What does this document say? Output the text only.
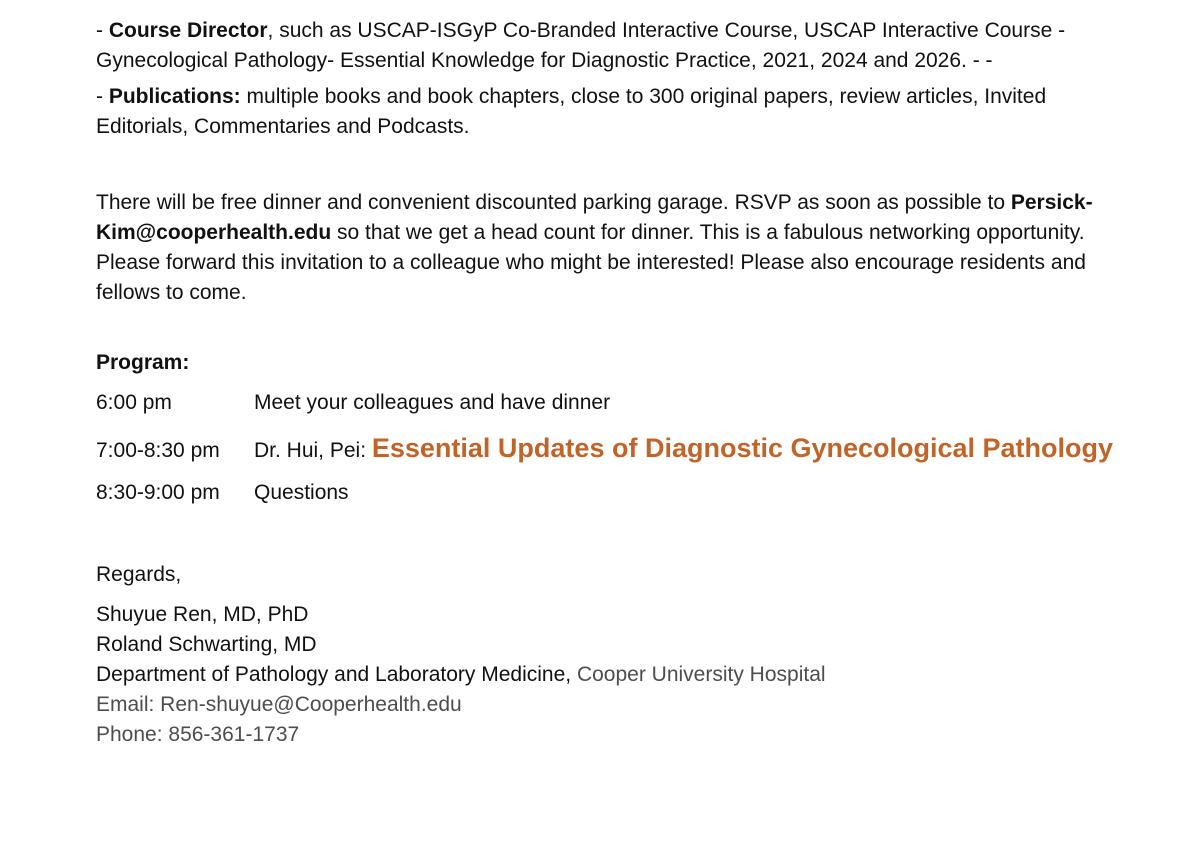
- Course Director, such as USCAP-ISGyP Co-Branded Interactive Course, USCAP Interactive Course - Gynecological Pathology- Essential Knowledge for Diagnostic Practice, 2021, 2024 and 2026. - -

- Publications: multiple books and book chapters, close to 300 original papers, review articles, Invited Editorials, Commentaries and Podcasts.

There will be free dinner and convenient discounted parking garage. RSVP as soon as possible to Persick-Kim@cooperhealth.edu so that we get a head count for dinner. This is a fabulous networking opportunity. Please forward this invitation to a colleague who might be interested! Please also encourage residents and fellows to come.

Program:
6:00 pm	Meet your colleagues and have dinner
7:00-8:30 pm	Dr. Hui, Pei: Essential Updates of Diagnostic Gynecological Pathology
8:30-9:00 pm	Questions
Regards,

Shuyue Ren, MD, PhD

Roland Schwarting, MD

Department of Pathology and Laboratory Medicine, Cooper University Hospital

Email: Ren-shuyue@Cooperhealth.edu

Phone: 856-361-1737
